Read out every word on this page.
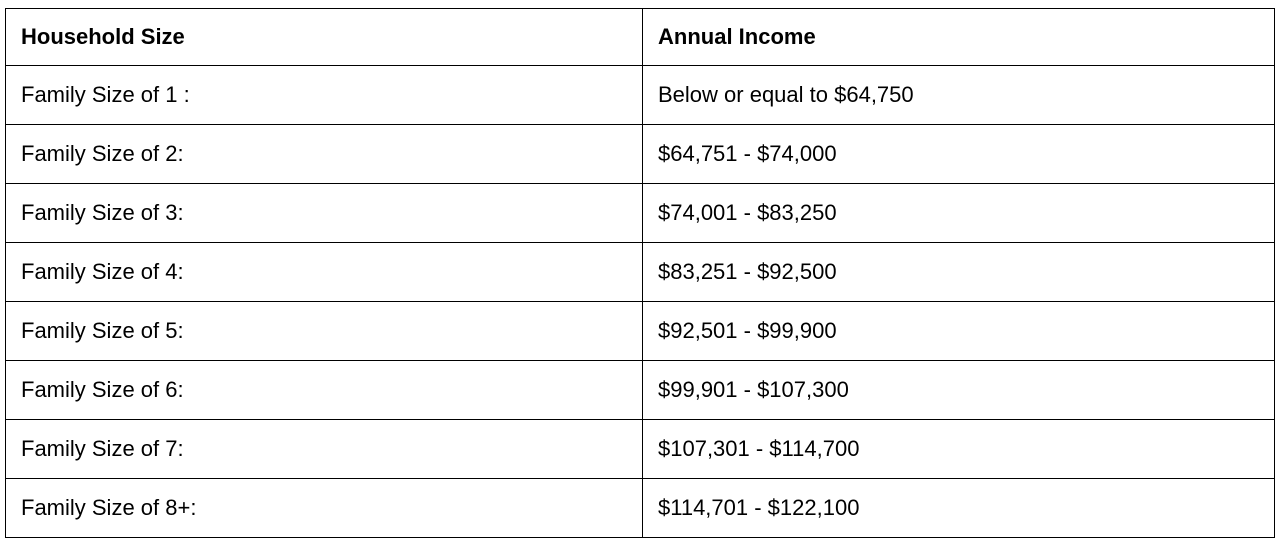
Household Size	Annual Income
Family Size of 1 :	Below or equal to $64,750
Family Size of 2:	$64,751 - $74,000
Family Size of 3:	$74,001 - $83,250
Family Size of 4:	$83,251 - $92,500
Family Size of 5:	$92,501 - $99,900
Family Size of 6:	$99,901 - $107,300
Family Size of 7:	$107,301 - $114,700
Family Size of 8+:	$114,701 - $122,100
